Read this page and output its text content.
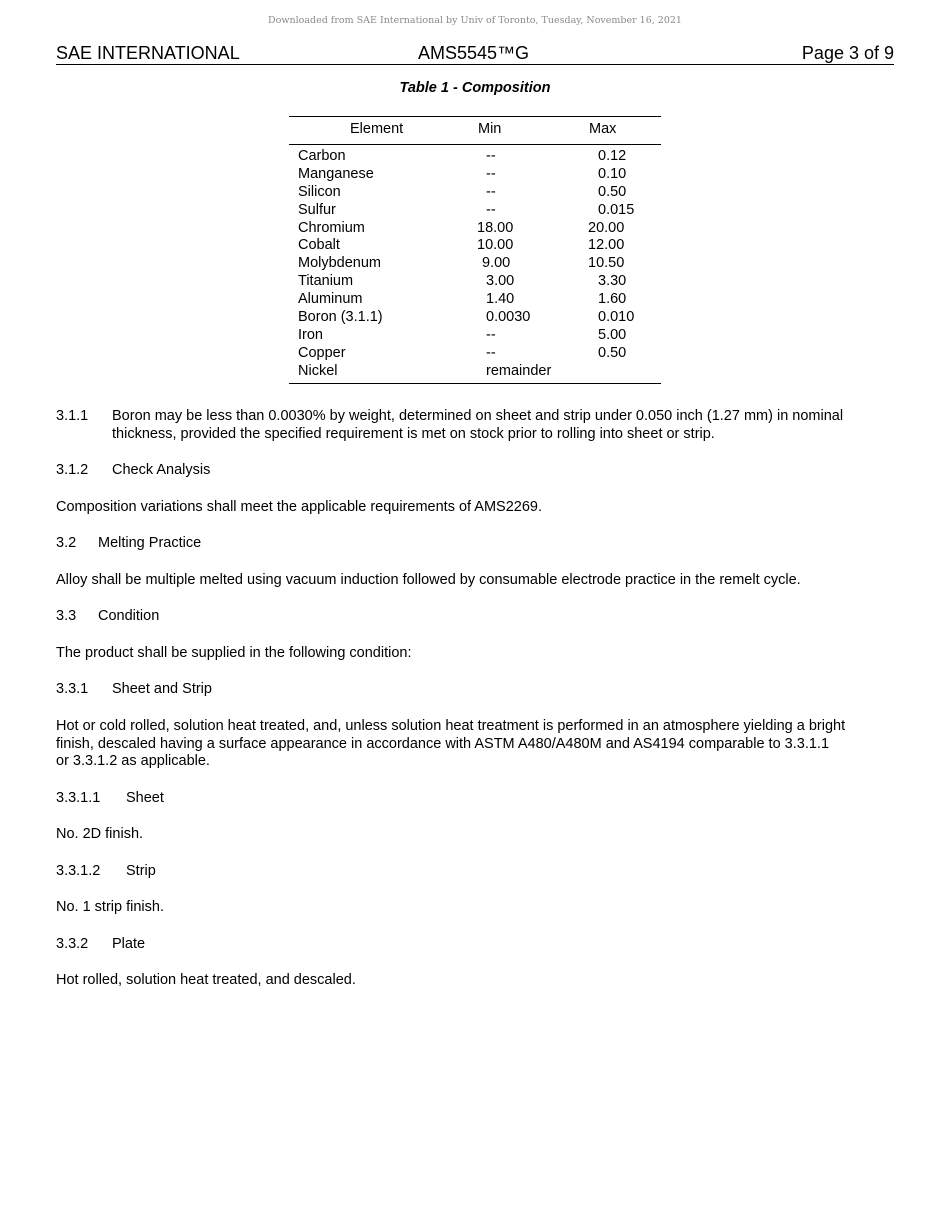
Downloaded from SAE International by Univ of Toronto, Tuesday, November 16, 2021
SAE INTERNATIONAL	AMS5545™G	Page 3 of 9
Table 1 - Composition
Element	Min	Max
Carbon	--	0.12
Manganese	--	0.10
Silicon	--	0.50
Sulfur	--	0.015
Chromium	18.00	20.00
Cobalt	10.00	12.00
Molybdenum	9.00	10.50
Titanium	3.00	3.30
Aluminum	1.40	1.60
Boron (3.1.1)	0.0030	0.010
Iron	--	5.00
Copper	--	0.50
Nickel	remainder
3.1.1 Boron may be less than 0.0030% by weight, determined on sheet and strip under 0.050 inch (1.27 mm) in nominal
thickness, provided the specified requirement is met on stock prior to rolling into sheet or strip.
3.1.2 Check Analysis
Composition variations shall meet the applicable requirements of AMS2269.
3.2 Melting Practice
Alloy shall be multiple melted using vacuum induction followed by consumable electrode practice in the remelt cycle.
3.3 Condition
The product shall be supplied in the following condition:
3.3.1 Sheet and Strip
Hot or cold rolled, solution heat treated, and, unless solution heat treatment is performed in an atmosphere yielding a bright
finish, descaled having a surface appearance in accordance with ASTM A480/A480M and AS4194 comparable to 3.3.1.1
or 3.3.1.2 as applicable.
3.3.1.1 Sheet
No. 2D finish.
3.3.1.2 Strip
No. 1 strip finish.
3.3.2 Plate
Hot rolled, solution heat treated, and descaled.
